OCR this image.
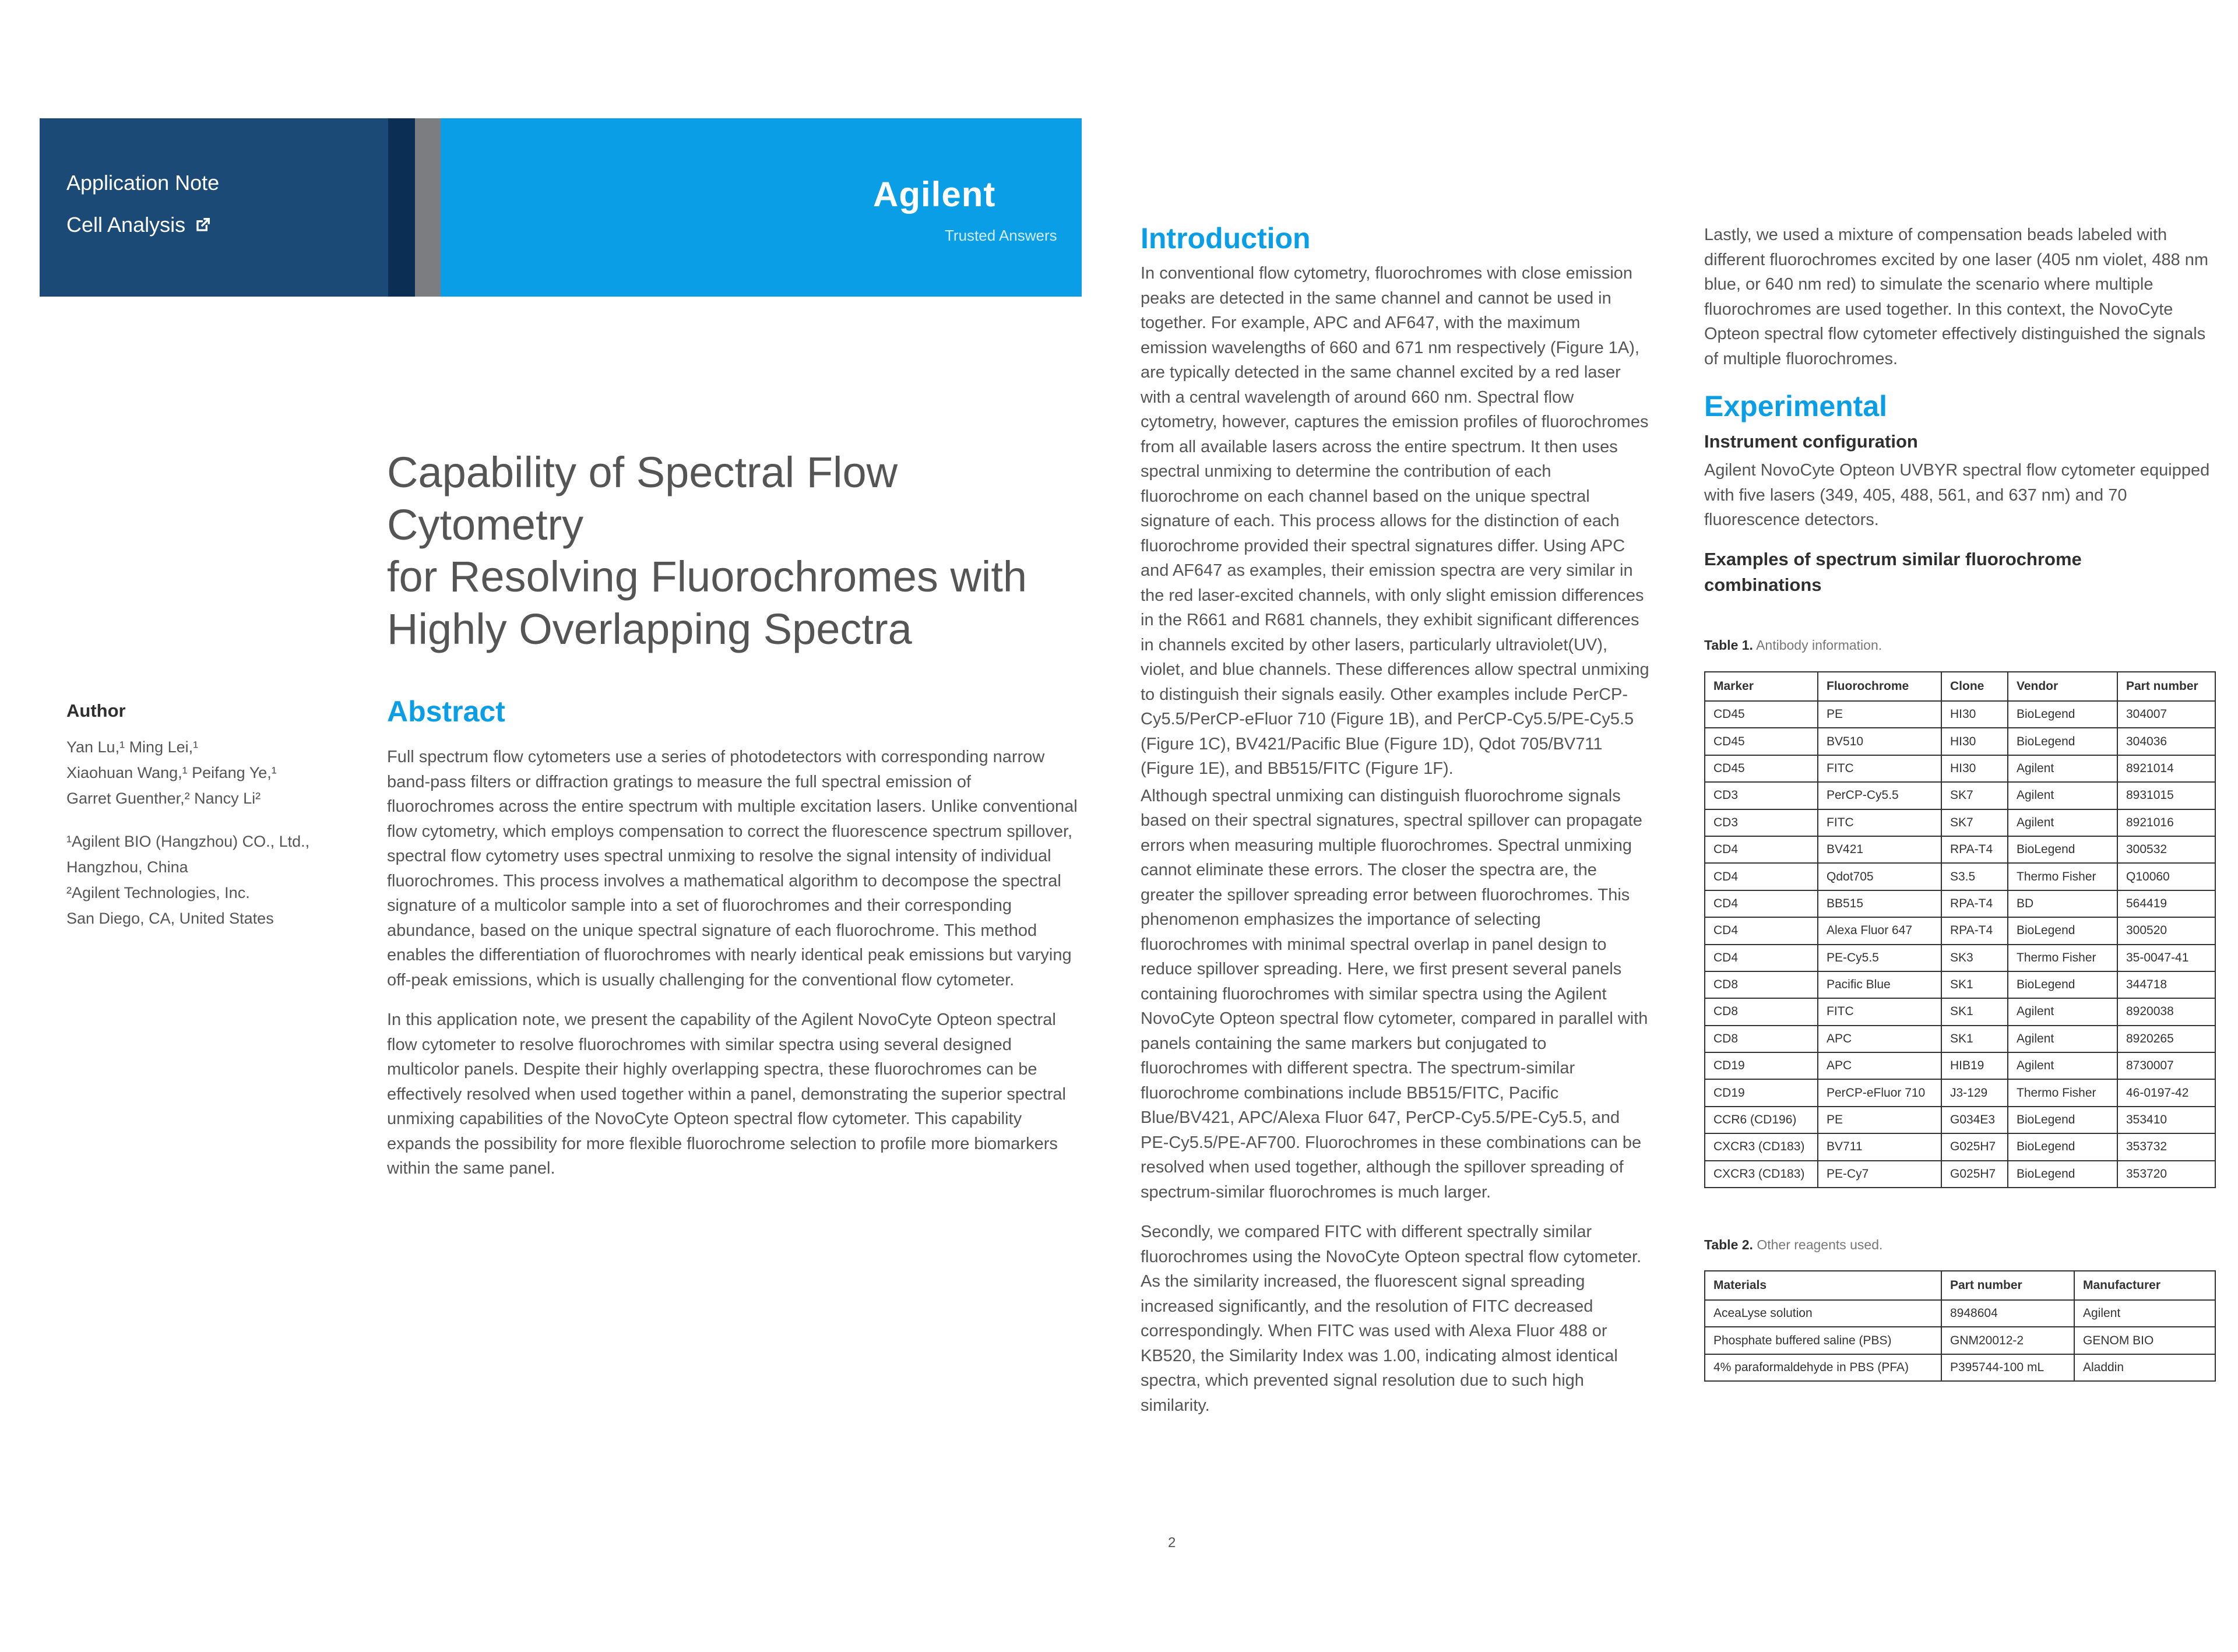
Application Note
Cell Analysis
Agilent
Trusted Answers
Capability of Spectral Flow Cytometry
for Resolving Fluorochromes with
Highly Overlapping Spectra
Author

Yan Lu,¹ Ming Lei,¹

Xiaohuan Wang,¹ Peifang Ye,¹

Garret Guenther,² Nancy Li²

¹Agilent BIO (Hangzhou) CO., Ltd.,

Hangzhou, China

²Agilent Technologies, Inc.

San Diego, CA, United States

Abstract

Full spectrum flow cytometers use a series of photodetectors with corresponding narrow band-pass filters or diffraction gratings to measure the full spectral emission of fluorochromes across the entire spectrum with multiple excitation lasers. Unlike conventional flow cytometry, which employs compensation to correct the fluorescence spectrum spillover, spectral flow cytometry uses spectral unmixing to resolve the signal intensity of individual fluorochromes. This process involves a mathematical algorithm to decompose the spectral signature of a multicolor sample into a set of fluorochromes and their corresponding abundance, based on the unique spectral signature of each fluorochrome. This method enables the differentiation of fluorochromes with nearly identical peak emissions but varying off-peak emissions, which is usually challenging for the conventional flow cytometer.

In this application note, we present the capability of the Agilent NovoCyte Opteon spectral flow cytometer to resolve fluorochromes with similar spectra using several designed multicolor panels. Despite their highly overlapping spectra, these fluorochromes can be effectively resolved when used together within a panel, demonstrating the superior spectral unmixing capabilities of the NovoCyte Opteon spectral flow cytometer. This capability expands the possibility for more flexible fluorochrome selection to profile more biomarkers within the same panel.

Introduction

In conventional flow cytometry, fluorochromes with close emission peaks are detected in the same channel and cannot be used in together. For example, APC and AF647, with the maximum emission wavelengths of 660 and 671 nm respectively (Figure 1A), are typically detected in the same channel excited by a red laser with a central wavelength of around 660 nm. Spectral flow cytometry, however, captures the emission profiles of fluorochromes from all available lasers across the entire spectrum. It then uses spectral unmixing to determine the contribution of each fluorochrome on each channel based on the unique spectral signature of each. This process allows for the distinction of each fluorochrome provided their spectral signatures differ. Using APC and AF647 as examples, their emission spectra are very similar in the red laser-excited channels, with only slight emission differences in the R661 and R681 channels, they exhibit significant differences in channels excited by other lasers, particularly ultraviolet(UV), violet, and blue channels. These differences allow spectral unmixing to distinguish their signals easily. Other examples include PerCP-Cy5.5/PerCP-eFluor 710 (Figure 1B), and PerCP-Cy5.5/PE-Cy5.5 (Figure 1C), BV421/Pacific Blue (Figure 1D), Qdot 705/BV711 (Figure 1E), and BB515/FITC (Figure 1F).

Although spectral unmixing can distinguish fluorochrome signals based on their spectral signatures, spectral spillover can propagate errors when measuring multiple fluorochromes. Spectral unmixing cannot eliminate these errors. The closer the spectra are, the greater the spillover spreading error between fluorochromes. This phenomenon emphasizes the importance of selecting fluorochromes with minimal spectral overlap in panel design to reduce spillover spreading. Here, we first present several panels containing fluorochromes with similar spectra using the Agilent NovoCyte Opteon spectral flow cytometer, compared in parallel with panels containing the same markers but conjugated to fluorochromes with different spectra. The spectrum-similar fluorochrome combinations include BB515/FITC, Pacific Blue/BV421, APC/Alexa Fluor 647, PerCP-Cy5.5/PE-Cy5.5, and PE-Cy5.5/PE-AF700. Fluorochromes in these combinations can be resolved when used together, although the spillover spreading of spectrum-similar fluorochromes is much larger.

Secondly, we compared FITC with different spectrally similar fluorochromes using the NovoCyte Opteon spectral flow cytometer. As the similarity increased, the fluorescent signal spreading increased significantly, and the resolution of FITC decreased correspondingly. When FITC was used with Alexa Fluor 488 or KB520, the Similarity Index was 1.00, indicating almost identical spectra, which prevented signal resolution due to such high similarity.

Lastly, we used a mixture of compensation beads labeled with different fluorochromes excited by one laser (405 nm violet, 488 nm blue, or 640 nm red) to simulate the scenario where multiple fluorochromes are used together. In this context, the NovoCyte Opteon spectral flow cytometer effectively distinguished the signals of multiple fluorochromes.
Experimental
Instrument configuration
Agilent NovoCyte Opteon UVBYR spectral flow cytometer equipped with five lasers (349, 405, 488, 561, and 637 nm) and 70 fluorescence detectors.
Examples of spectrum similar fluorochrome combinations

Table 1. Antibody information.

Marker	Fluorochrome	Clone	Vendor	Part number
CD45	PE	HI30	BioLegend	304007
CD45	BV510	HI30	BioLegend	304036
CD45	FITC	HI30	Agilent	8921014
CD3	PerCP-Cy5.5	SK7	Agilent	8931015
CD3	FITC	SK7	Agilent	8921016
CD4	BV421	RPA-T4	BioLegend	300532
CD4	Qdot705	S3.5	Thermo Fisher	Q10060
CD4	BB515	RPA-T4	BD	564419
CD4	Alexa Fluor 647	RPA-T4	BioLegend	300520
CD4	PE-Cy5.5	SK3	Thermo Fisher	35-0047-41
CD8	Pacific Blue	SK1	BioLegend	344718
CD8	FITC	SK1	Agilent	8920038
CD8	APC	SK1	Agilent	8920265
CD19	APC	HIB19	Agilent	8730007
CD19	PerCP-eFluor 710	J3-129	Thermo Fisher	46-0197-42
CCR6 (CD196)	PE	G034E3	BioLegend	353410
CXCR3 (CD183)	BV711	G025H7	BioLegend	353732
CXCR3 (CD183)	PE-Cy7	G025H7	BioLegend	353720

Table 2. Other reagents used.

Materials	Part number	Manufacturer
AceaLyse solution	8948604	Agilent
Phosphate buffered saline (PBS)	GNM20012-2	GENOM BIO
4% paraformaldehyde in PBS (PFA)	P395744-100 mL	Aladdin
2
